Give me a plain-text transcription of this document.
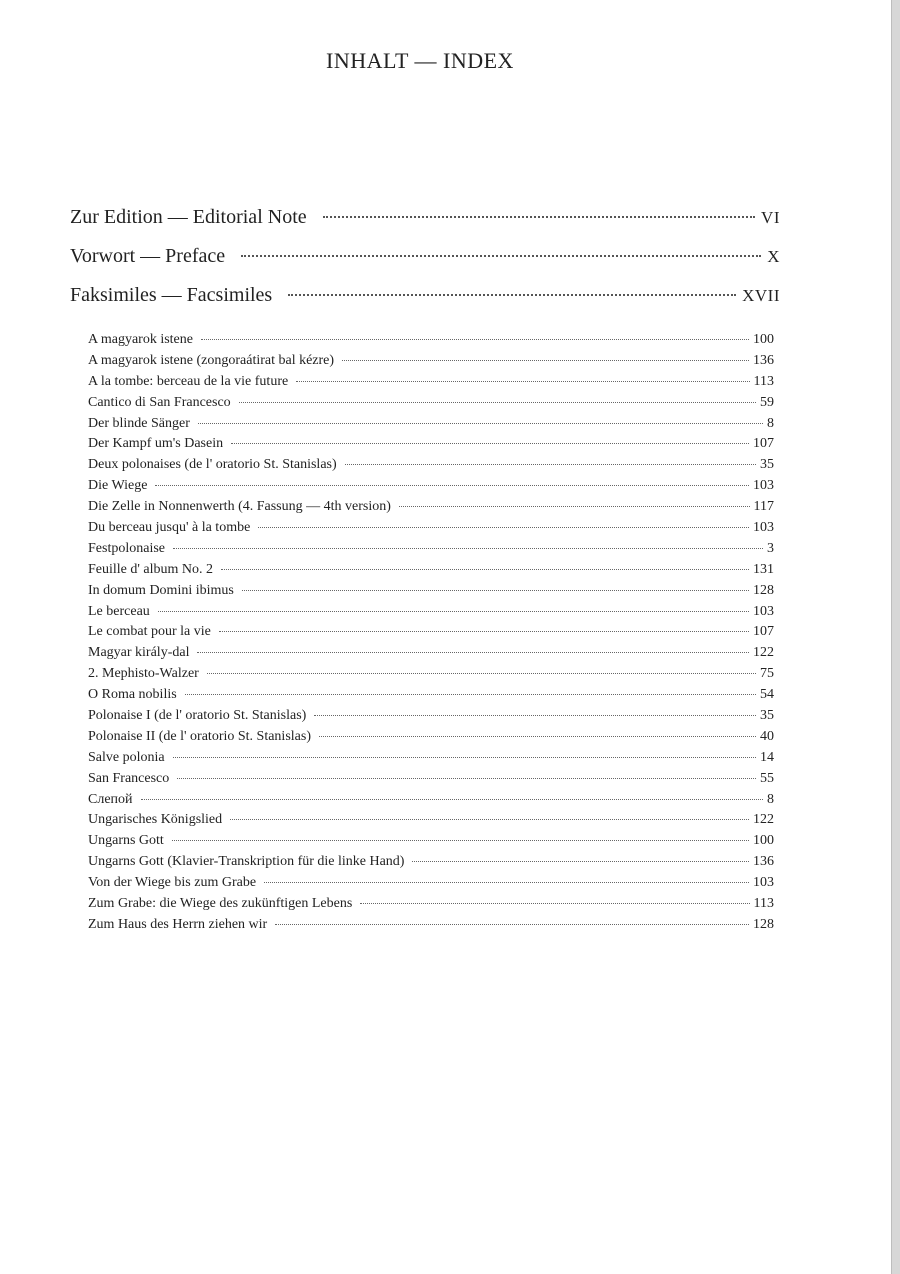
INHALT — INDEX
Zur Edition — Editorial Note	VI
Vorwort — Preface	X
Faksimiles — Facsimiles	XVII
A magyarok istene	100
A magyarok istene (zongoraátirat bal kézre)	136
A la tombe: berceau de la vie future	113
Cantico di San Francesco	59
Der blinde Sänger	8
Der Kampf um's Dasein	107
Deux polonaises (de l' oratorio St. Stanislas)	35
Die Wiege	103
Die Zelle in Nonnenwerth (4. Fassung — 4th version)	117
Du berceau jusqu' à la tombe	103
Festpolonaise	3
Feuille d' album No. 2	131
In domum Domini ibimus	128
Le berceau	103
Le combat pour la vie	107
Magyar király-dal	122
2. Mephisto-Walzer	75
O Roma nobilis	54
Polonaise I (de l' oratorio St. Stanislas)	35
Polonaise II (de l' oratorio St. Stanislas)	40
Salve polonia	14
San Francesco	55
Слепой	8
Ungarisches Königslied	122
Ungarns Gott	100
Ungarns Gott (Klavier-Transkription für die linke Hand)	136
Von der Wiege bis zum Grabe	103
Zum Grabe: die Wiege des zukünftigen Lebens	113
Zum Haus des Herrn ziehen wir	128
